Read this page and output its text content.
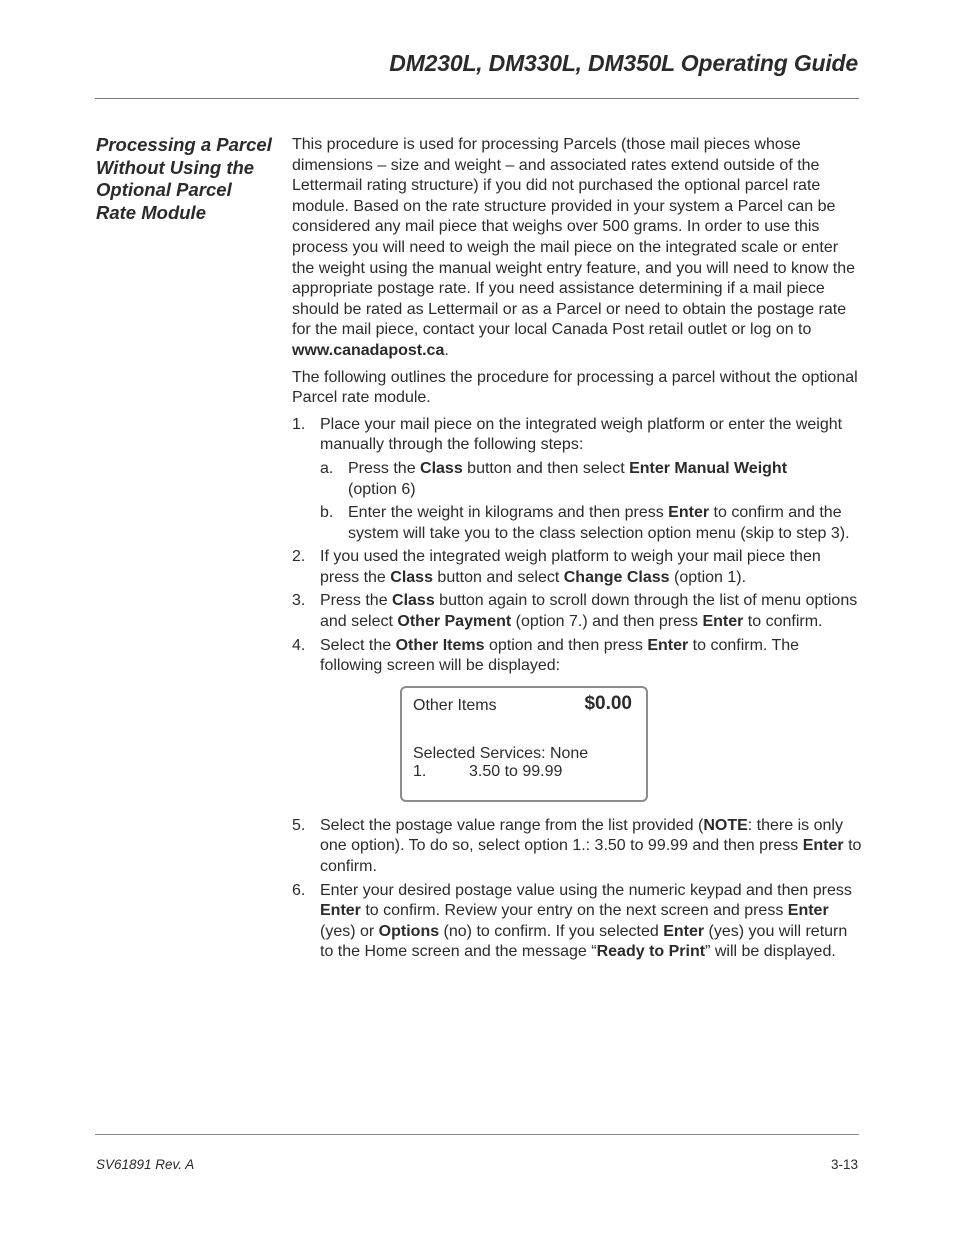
DM230L, DM330L, DM350L Operating Guide
Processing a Parcel Without Using the Optional Parcel Rate Module

This procedure is used for processing Parcels (those mail pieces whose dimensions – size and weight – and associated rates extend outside of the Lettermail rating structure) if you did not purchased the optional parcel rate module. Based on the rate structure provided in your system a Parcel can be considered any mail piece that weighs over 500 grams. In order to use this process you will need to weigh the mail piece on the integrated scale or enter the weight using the manual weight entry feature, and you will need to know the appropriate postage rate. If you need assistance determining if a mail piece should be rated as Lettermail or as a Parcel or need to obtain the postage rate for the mail piece, contact your local Canada Post retail outlet or log on to www.canadapost.ca.

The following outlines the procedure for processing a parcel without the optional Parcel rate module.

1. Place your mail piece on the integrated weigh platform or enter the weight manually through the following steps:
a. Press the Class button and then select Enter Manual Weight
(option 6)
b. Enter the weight in kilograms and then press Enter to confirm and the system will take you to the class selection option menu (skip to step 3).
2. If you used the integrated weigh platform to weigh your mail piece then press the Class button and select Change Class (option 1).
3. Press the Class button again to scroll down through the list of menu options and select Other Payment (option 7.) and then press Enter to confirm.
4. Select the Other Items option and then press Enter to confirm. The following screen will be displayed:
Other Items	$0.00
Selected Services: None
1.	3.50 to 99.99
5. Select the postage value range from the list provided (NOTE: there is only one option). To do so, select option 1.: 3.50 to 99.99 and then press Enter to confirm.
6. Enter your desired postage value using the numeric keypad and then press Enter to confirm. Review your entry on the next screen and press Enter (yes) or Options (no) to confirm. If you selected Enter (yes) you will return to the Home screen and the message “Ready to Print” will be displayed.
SV61891 Rev. A	3-13
